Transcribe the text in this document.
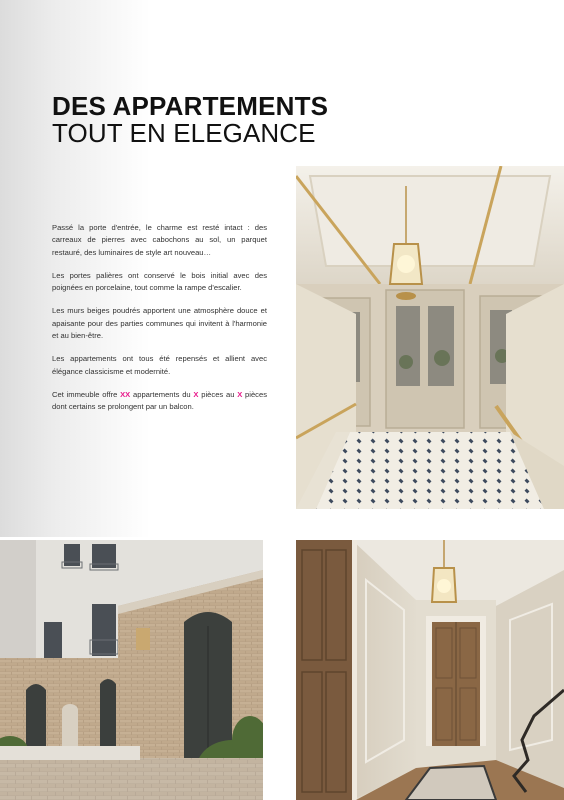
DES APPARTEMENTS
TOUT EN ELEGANCE

Passé la porte d'entrée, le charme est resté intact : des carreaux de pierres avec cabochons au sol, un parquet restauré, des luminaires de style art nouveau…

Les portes palières ont conservé le bois initial avec des poignées en porcelaine, tout comme la rampe d'escalier.

Les murs beiges poudrés apportent une atmosphère douce et apaisante pour des parties communes qui invitent à l'harmonie et au bien-être.

Les appartements ont tous été repensés et allient avec élégance classicisme et modernité.

Cet immeuble offre XX appartements du X pièces au X pièces dont certains se prolongent par un balcon.
